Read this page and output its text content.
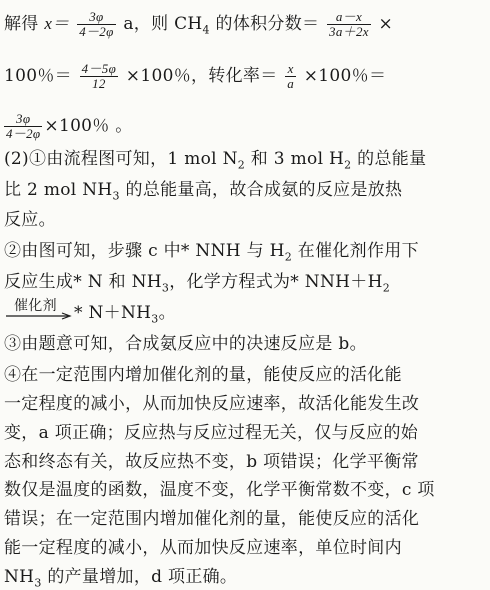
解得 $x= \frac{3\varphi}{4-2\varphi}$ a，则 $CH_4$ 的体积分数＝ $\frac{a-x}{3a+2x}$ ×
100％＝ $\frac{4-5\varphi}{12} \times 100$％，转化率＝ $\frac{x}{a} \times 100$％＝
$\frac{3\varphi}{4-2\varphi} \times 100$％ 。
(2)①由流程图可知，1 mol $N_2$ 和 3 mol $H_2$ 的总能量
比 2 mol $NH_3$ 的总能量高，故合成氨的反应是放热
反应。
②由图可知，步骤 c 中* NNH 与 $H_2$ 在催化剂作用下
反应生成* N 和 $NH_3$，化学方程式为* $NNH+H_2$
催化剂 * $N+NH_3$。
③由题意可知，合成氨反应中的决速反应是 b。
④在一定范围内增加催化剂的量，能使反应的活化能
一定程度的减小，从而加快反应速率，故活化能发生改
变，a 项正确；反应热与反应过程无关，仅与反应的始
态和终态有关，故反应热不变，b 项错误；化学平衡常
数仅是温度的函数，温度不变，化学平衡常数不变，c 项
错误；在一定范围内增加催化剂的量，能使反应的活化
能一定程度的减小，从而加快反应速率，单位时间内
$NH_3$ 的产量增加，d 项正确。
